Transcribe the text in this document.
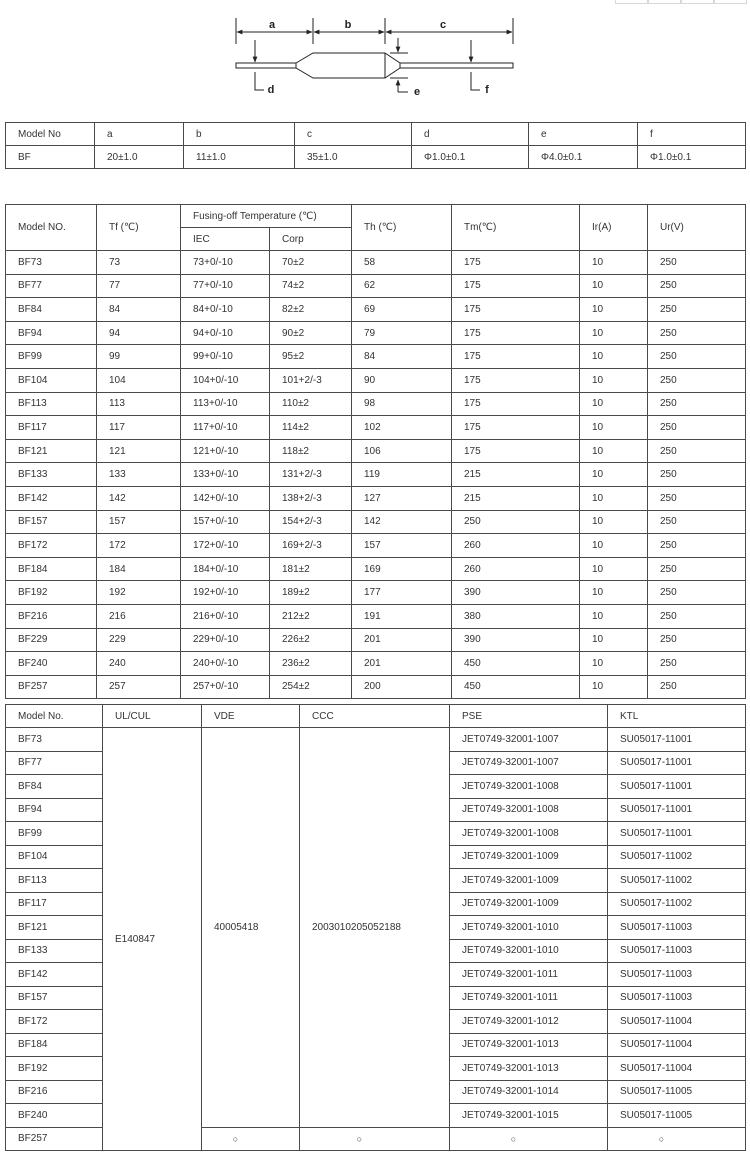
a	b	c
d	e	f
Model No	a	b	c	d	e	f
BF	20±1.0	11±1.0	35±1.0	Φ1.0±0.1	Φ4.0±0.1	Φ1.0±0.1
Model NO.	Tf (℃)	Fusing-off Temperature (℃)		Th (℃)	Tm(℃)	Ir(A)	Ur(V)
		IEC	Corp				
BF73	73	73+0/-10	70±2	58	175	10	250
BF77	77	77+0/-10	74±2	62	175	10	250
BF84	84	84+0/-10	82±2	69	175	10	250
BF94	94	94+0/-10	90±2	79	175	10	250
BF99	99	99+0/-10	95±2	84	175	10	250
BF104	104	104+0/-10	101+2/-3	90	175	10	250
BF113	113	113+0/-10	110±2	98	175	10	250
BF117	117	117+0/-10	114±2	102	175	10	250
BF121	121	121+0/-10	118±2	106	175	10	250
BF133	133	133+0/-10	131+2/-3	119	215	10	250
BF142	142	142+0/-10	138+2/-3	127	215	10	250
BF157	157	157+0/-10	154+2/-3	142	250	10	250
BF172	172	172+0/-10	169+2/-3	157	260	10	250
BF184	184	184+0/-10	181±2	169	260	10	250
BF192	192	192+0/-10	189±2	177	390	10	250
BF216	216	216+0/-10	212±2	191	380	10	250
BF229	229	229+0/-10	226±2	201	390	10	250
BF240	240	240+0/-10	236±2	201	450	10	250
BF257	257	257+0/-10	254±2	200	450	10	250
Model No.	UL/CUL	VDE	CCC	PSE	KTL
BF73	E140847	40005418	2003010205052188	JET0749-32001-1007	SU05017-11001
BF77				JET0749-32001-1007	SU05017-11001
BF84				JET0749-32001-1008	SU05017-11001
BF94				JET0749-32001-1008	SU05017-11001
BF99				JET0749-32001-1008	SU05017-11001
BF104				JET0749-32001-1009	SU05017-11002
BF113				JET0749-32001-1009	SU05017-11002
BF117				JET0749-32001-1009	SU05017-11002
BF121				JET0749-32001-1010	SU05017-11003
BF133				JET0749-32001-1010	SU05017-11003
BF142				JET0749-32001-1011	SU05017-11003
BF157				JET0749-32001-1011	SU05017-11003
BF172				JET0749-32001-1012	SU05017-11004
BF184				JET0749-32001-1013	SU05017-11004
BF192				JET0749-32001-1013	SU05017-11004
BF216				JET0749-32001-1014	SU05017-11005
BF240				JET0749-32001-1015	SU05017-11005
BF257		○	○	○	○
